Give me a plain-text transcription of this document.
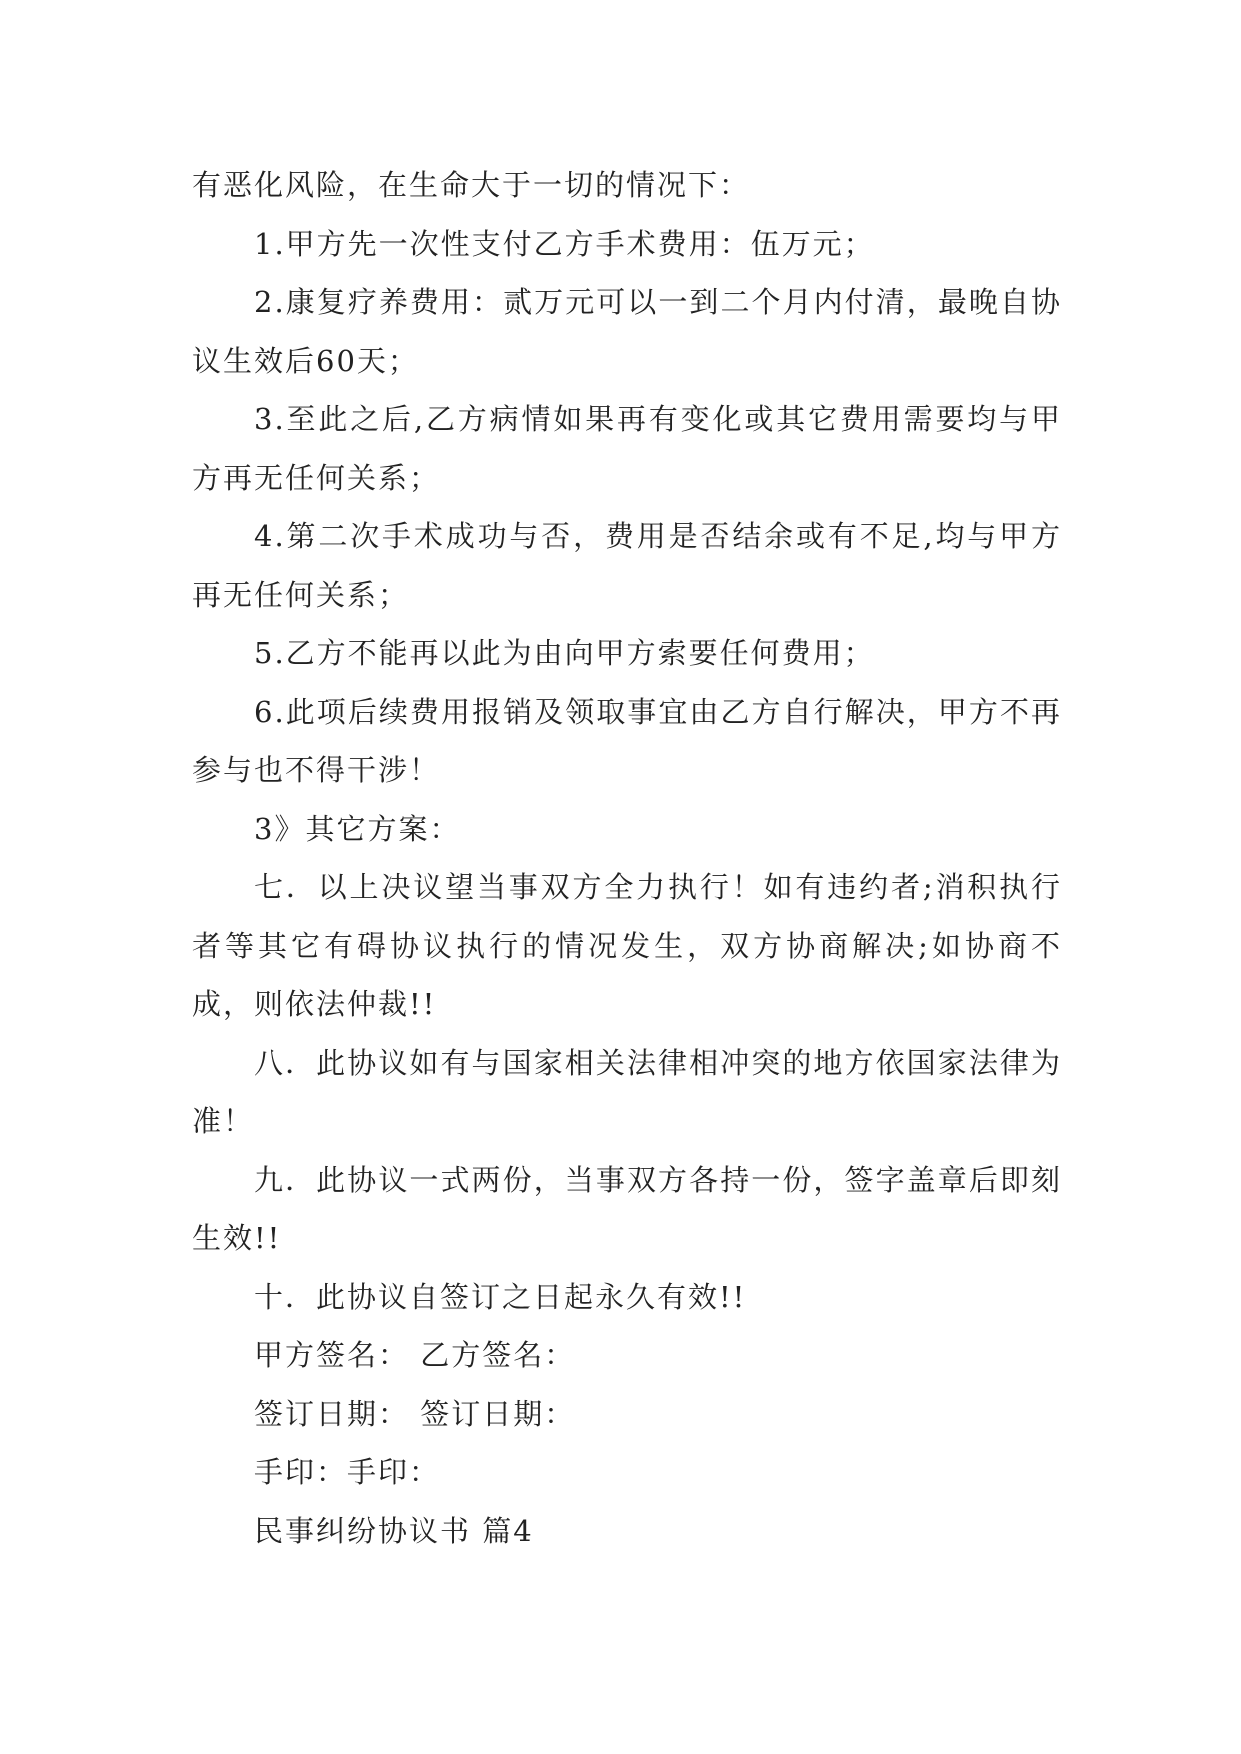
有恶化风险，在生命大于一切的情况下：

1.甲方先一次性支付乙方手术费用：伍万元；

2.康复疗养费用：贰万元可以一到二个月内付清，最晚自协议生效后60天；

3.至此之后,乙方病情如果再有变化或其它费用需要均与甲方再无任何关系；

4.第二次手术成功与否，费用是否结余或有不足,均与甲方再无任何关系；

5.乙方不能再以此为由向甲方索要任何费用；

6.此项后续费用报销及领取事宜由乙方自行解决，甲方不再参与也不得干涉！

3》其它方案：

七．以上决议望当事双方全力执行！如有违约者;消积执行者等其它有碍协议执行的情况发生，双方协商解决;如协商不成，则依法仲裁!!

八．此协议如有与国家相关法律相冲突的地方依国家法律为准！

九．此协议一式两份，当事双方各持一份，签字盖章后即刻生效!!

十．此协议自签订之日起永久有效!!

甲方签名： 乙方签名：

签订日期： 签订日期：

手印：手印：

民事纠纷协议书 篇4
